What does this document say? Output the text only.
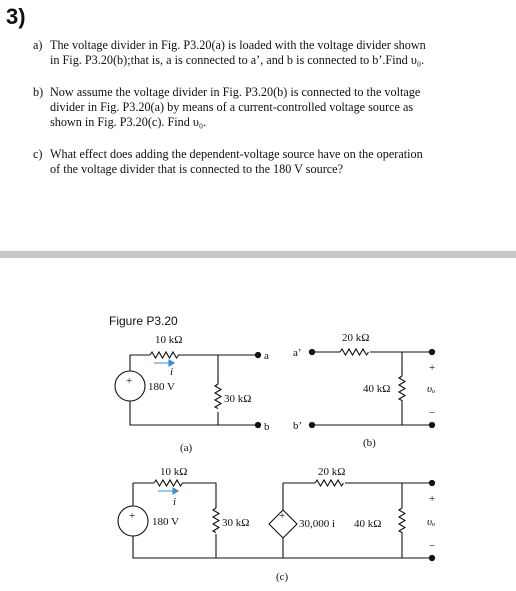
3)
a) The voltage divider in Fig. P3.20(a) is loaded with the voltage divider shown
in Fig. P3.20(b);that is, a is connected to a’, and b is connected to b’.Find υ₀.
b) Now assume the voltage divider in Fig. P3.20(b) is connected to the voltage
divider in Fig. P3.20(a) by means of a current-controlled voltage source as
shown in Fig. P3.20(c). Find υ₀.
c) What effect does adding the dependent-voltage source have on the operation
of the voltage divider that is connected to the 180 V source?
Figure P3.20
10 kΩ
i
+ 180 V
30 kΩ
a
b
(a)
a’
b’
20 kΩ
40 kΩ
+
υₒ
−
(b)
10 kΩ
i
+ 180 V	30 kΩ
20 kΩ
+
30,000 i 40 kΩ
+
υₒ
−
(c)
